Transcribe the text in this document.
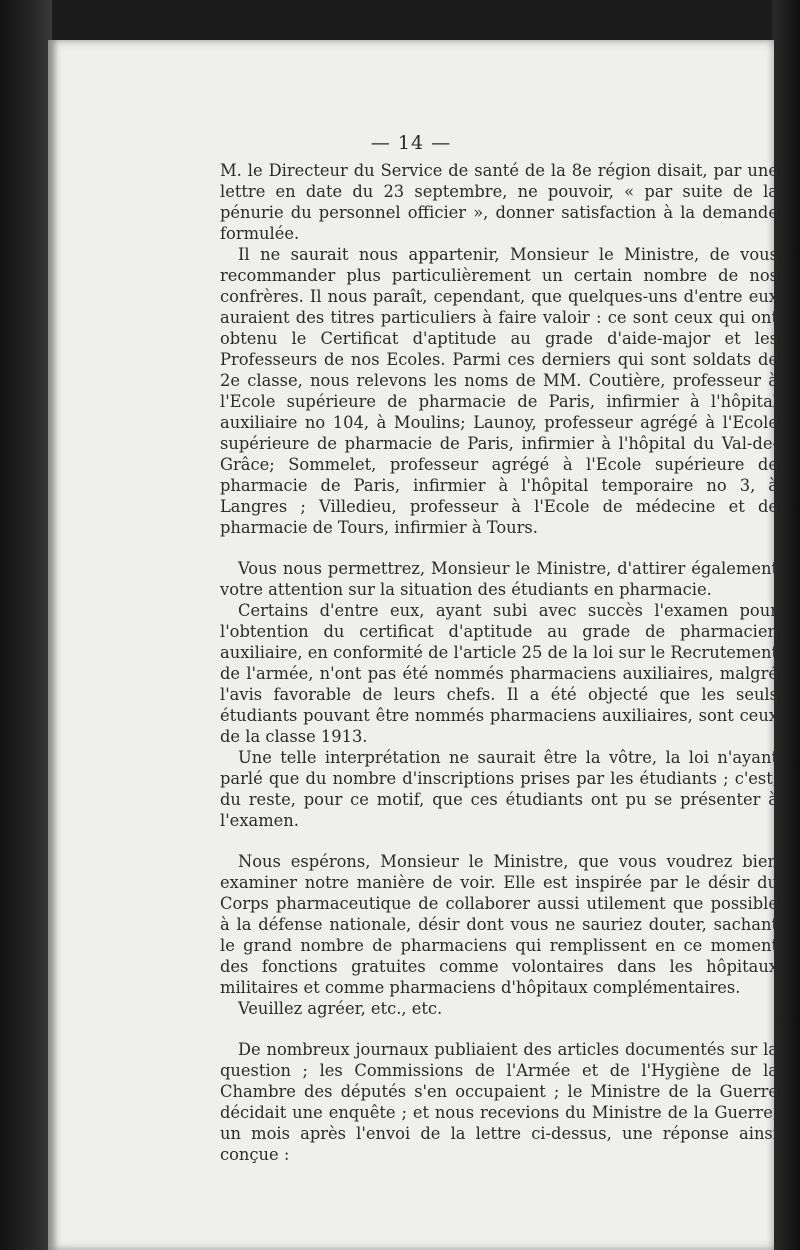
— 14 —

M. le Directeur du Service de santé de la 8e région disait, par une lettre en date du 23 septembre, ne pouvoir, « par suite de la pénurie du personnel officier », donner satisfaction à la demande formulée.

Il ne saurait nous appartenir, Monsieur le Ministre, de vous recommander plus particulièrement un certain nombre de nos confrères. Il nous paraît, cependant, que quelques-uns d'entre eux auraient des titres particuliers à faire valoir : ce sont ceux qui ont obtenu le Certificat d'aptitude au grade d'aide-major et les Professeurs de nos Ecoles. Parmi ces derniers qui sont soldats de 2e classe, nous relevons les noms de MM. Coutière, professeur à l'Ecole supérieure de pharmacie de Paris, infirmier à l'hôpital auxiliaire no 104, à Moulins; Launoy, professeur agrégé à l'Ecole supérieure de pharmacie de Paris, infirmier à l'hôpital du Val-de-Grâce; Sommelet, professeur agrégé à l'Ecole supérieure de pharmacie de Paris, infirmier à l'hôpital temporaire no 3, à Langres ; Villedieu, professeur à l'Ecole de médecine et de pharmacie de Tours, infirmier à Tours.

Vous nous permettrez, Monsieur le Ministre, d'attirer également votre attention sur la situation des étudiants en pharmacie.

Certains d'entre eux, ayant subi avec succès l'examen pour l'obtention du certificat d'aptitude au grade de pharmacien auxiliaire, en conformité de l'article 25 de la loi sur le Recrutement de l'armée, n'ont pas été nommés pharmaciens auxiliaires, malgré l'avis favorable de leurs chefs. Il a été objecté que les seuls étudiants pouvant être nommés pharmaciens auxiliaires, sont ceux de la classe 1913.

Une telle interprétation ne saurait être la vôtre, la loi n'ayant parlé que du nombre d'inscriptions prises par les étudiants ; c'est, du reste, pour ce motif, que ces étudiants ont pu se présenter à l'examen.

Nous espérons, Monsieur le Ministre, que vous voudrez bien examiner notre manière de voir. Elle est inspirée par le désir du Corps pharmaceutique de collaborer aussi utilement que possible à la défense nationale, désir dont vous ne sauriez douter, sachant le grand nombre de pharmaciens qui remplissent en ce moment des fonctions gratuites comme volontaires dans les hôpitaux militaires et comme pharmaciens d'hôpitaux complémentaires.

Veuillez agréer, etc., etc.

De nombreux journaux publiaient des articles documentés sur la question ; les Commissions de l'Armée et de l'Hygiène de la Chambre des députés s'en occupaient ; le Ministre de la Guerre décidait une enquête ; et nous recevions du Ministre de la Guerre, un mois après l'envoi de la lettre ci-dessus, une réponse ainsi conçue :
